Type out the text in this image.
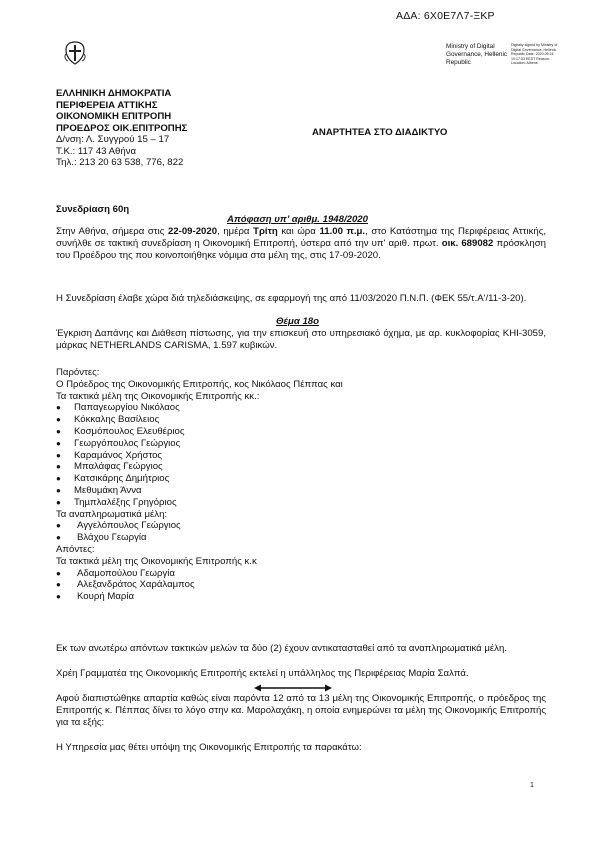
ΑΔΑ: 6Χ0Ε7Λ7-ΞΚΡ
Ministry of Digital Governance, Hellenic Republic
Digitally signed by Ministry of Digital Governance, Hellenic Republic Date: 2020.09.24 10:17:53 EEST Reason: Location: Athens
ΕΛΛΗΝΙΚΗ ΔΗΜΟΚΡΑΤΙΑ
ΠΕΡΙΦΕΡΕΙΑ ΑΤΤΙΚΗΣ
ΟΙΚΟΝΟΜΙΚΗ ΕΠΙΤΡΟΠΗ
ΠΡΟΕΔΡΟΣ ΟΙΚ.ΕΠΙΤΡΟΠΗΣ
Δ/νση: Λ. Συγγρού 15 – 17
Τ.Κ.: 117 43 Αθήνα
Τηλ.: 213 20 63 538, 776, 822
ΑΝΑΡΤΗΤΕΑ ΣΤΟ ΔΙΑΔΙΚΤΥΟ
Συνεδρίαση 60η
Απόφαση υπ’ αριθμ. 1948/2020
Στην Αθήνα, σήμερα στις 22-09-2020, ημέρα Τρίτη και ώρα 11.00 π.μ., στο Κατάστημα της Περιφέρειας Αττικής, συνήλθε σε τακτική συνεδρίαση η Οικονομική Επιτροπή, ύστερα από την υπ' αριθ. πρωτ. οικ. 689082 πρόσκληση του Προέδρου της που κοινοποιήθηκε νόμιμα στα μέλη της, στις 17-09-2020.
Η Συνεδρίαση έλαβε χώρα διά τηλεδιάσκεψης, σε εφαρμογή της από 11/03/2020 Π.Ν.Π. (ΦΕΚ 55/τ.Α'/11-3-20).
Θέμα 18ο
Έγκριση Δαπάνης και Διάθεση πίστωσης, για την επισκευή στο υπηρεσιακό όχημα, με αρ. κυκλοφορίας ΚΗΙ-3059, μάρκας NETHERLANDS CARISMA, 1.597 κυβικών.
Παρόντες:
Ο Πρόεδρος της Οικονομικής Επιτροπής, κος Νικόλαος Πέππας και
Τα τακτικά μέλη της Οικονομικής Επιτροπής κκ.:
●	Παπαγεωργίου Νικόλαος
●	Κόκκαλης Βασίλειος
●	Κοσμόπουλος Ελευθέριος
●	Γεωργόπουλος Γεώργιος
●	Καραμάνος Χρήστος
●	Μπαλάφας Γεώργιος
●	Κατσικάρης Δημήτριος
●	Μεθυμάκη Άννα
●	Τηµπλαλέξης Γρηγόριος
Τα αναπληρωματικά μέλη:
●	Αγγελόπουλος Γεώργιος
●	Βλάχου Γεωργία
Απόντες:
Τα τακτικά μέλη της Οικονομικής Επιτροπής κ.κ
●	Αδαμοπούλου Γεωργία
●	Αλεξανδράτος Χαράλαμπος
●	Κουρή Μαρία
Εκ των ανωτέρω απόντων τακτικών μελών τα δύο (2) έχουν αντικατασταθεί από τα αναπληρωματικά μέλη.
Χρέη Γραμματέα της Οικονομικής Επιτροπής εκτελεί η υπάλληλος της Περιφέρειας Μαρία Σαλπά.
Αφού διαπιστώθηκε απαρτία καθώς είναι παρόντα 12 από τα 13 μέλη της Οικονομικής Επιτροπής, ο πρόεδρος της Επιτροπής κ. Πέππας δίνει το λόγο στην κα. Μαρολαχάκη, η οποία ενημερώνει τα μέλη της Οικονομικής Επιτροπής για τα εξής:
Η Υπηρεσία μας θέτει υπόψη της Οικονομικής Επιτροπής τα παρακάτω:
1
